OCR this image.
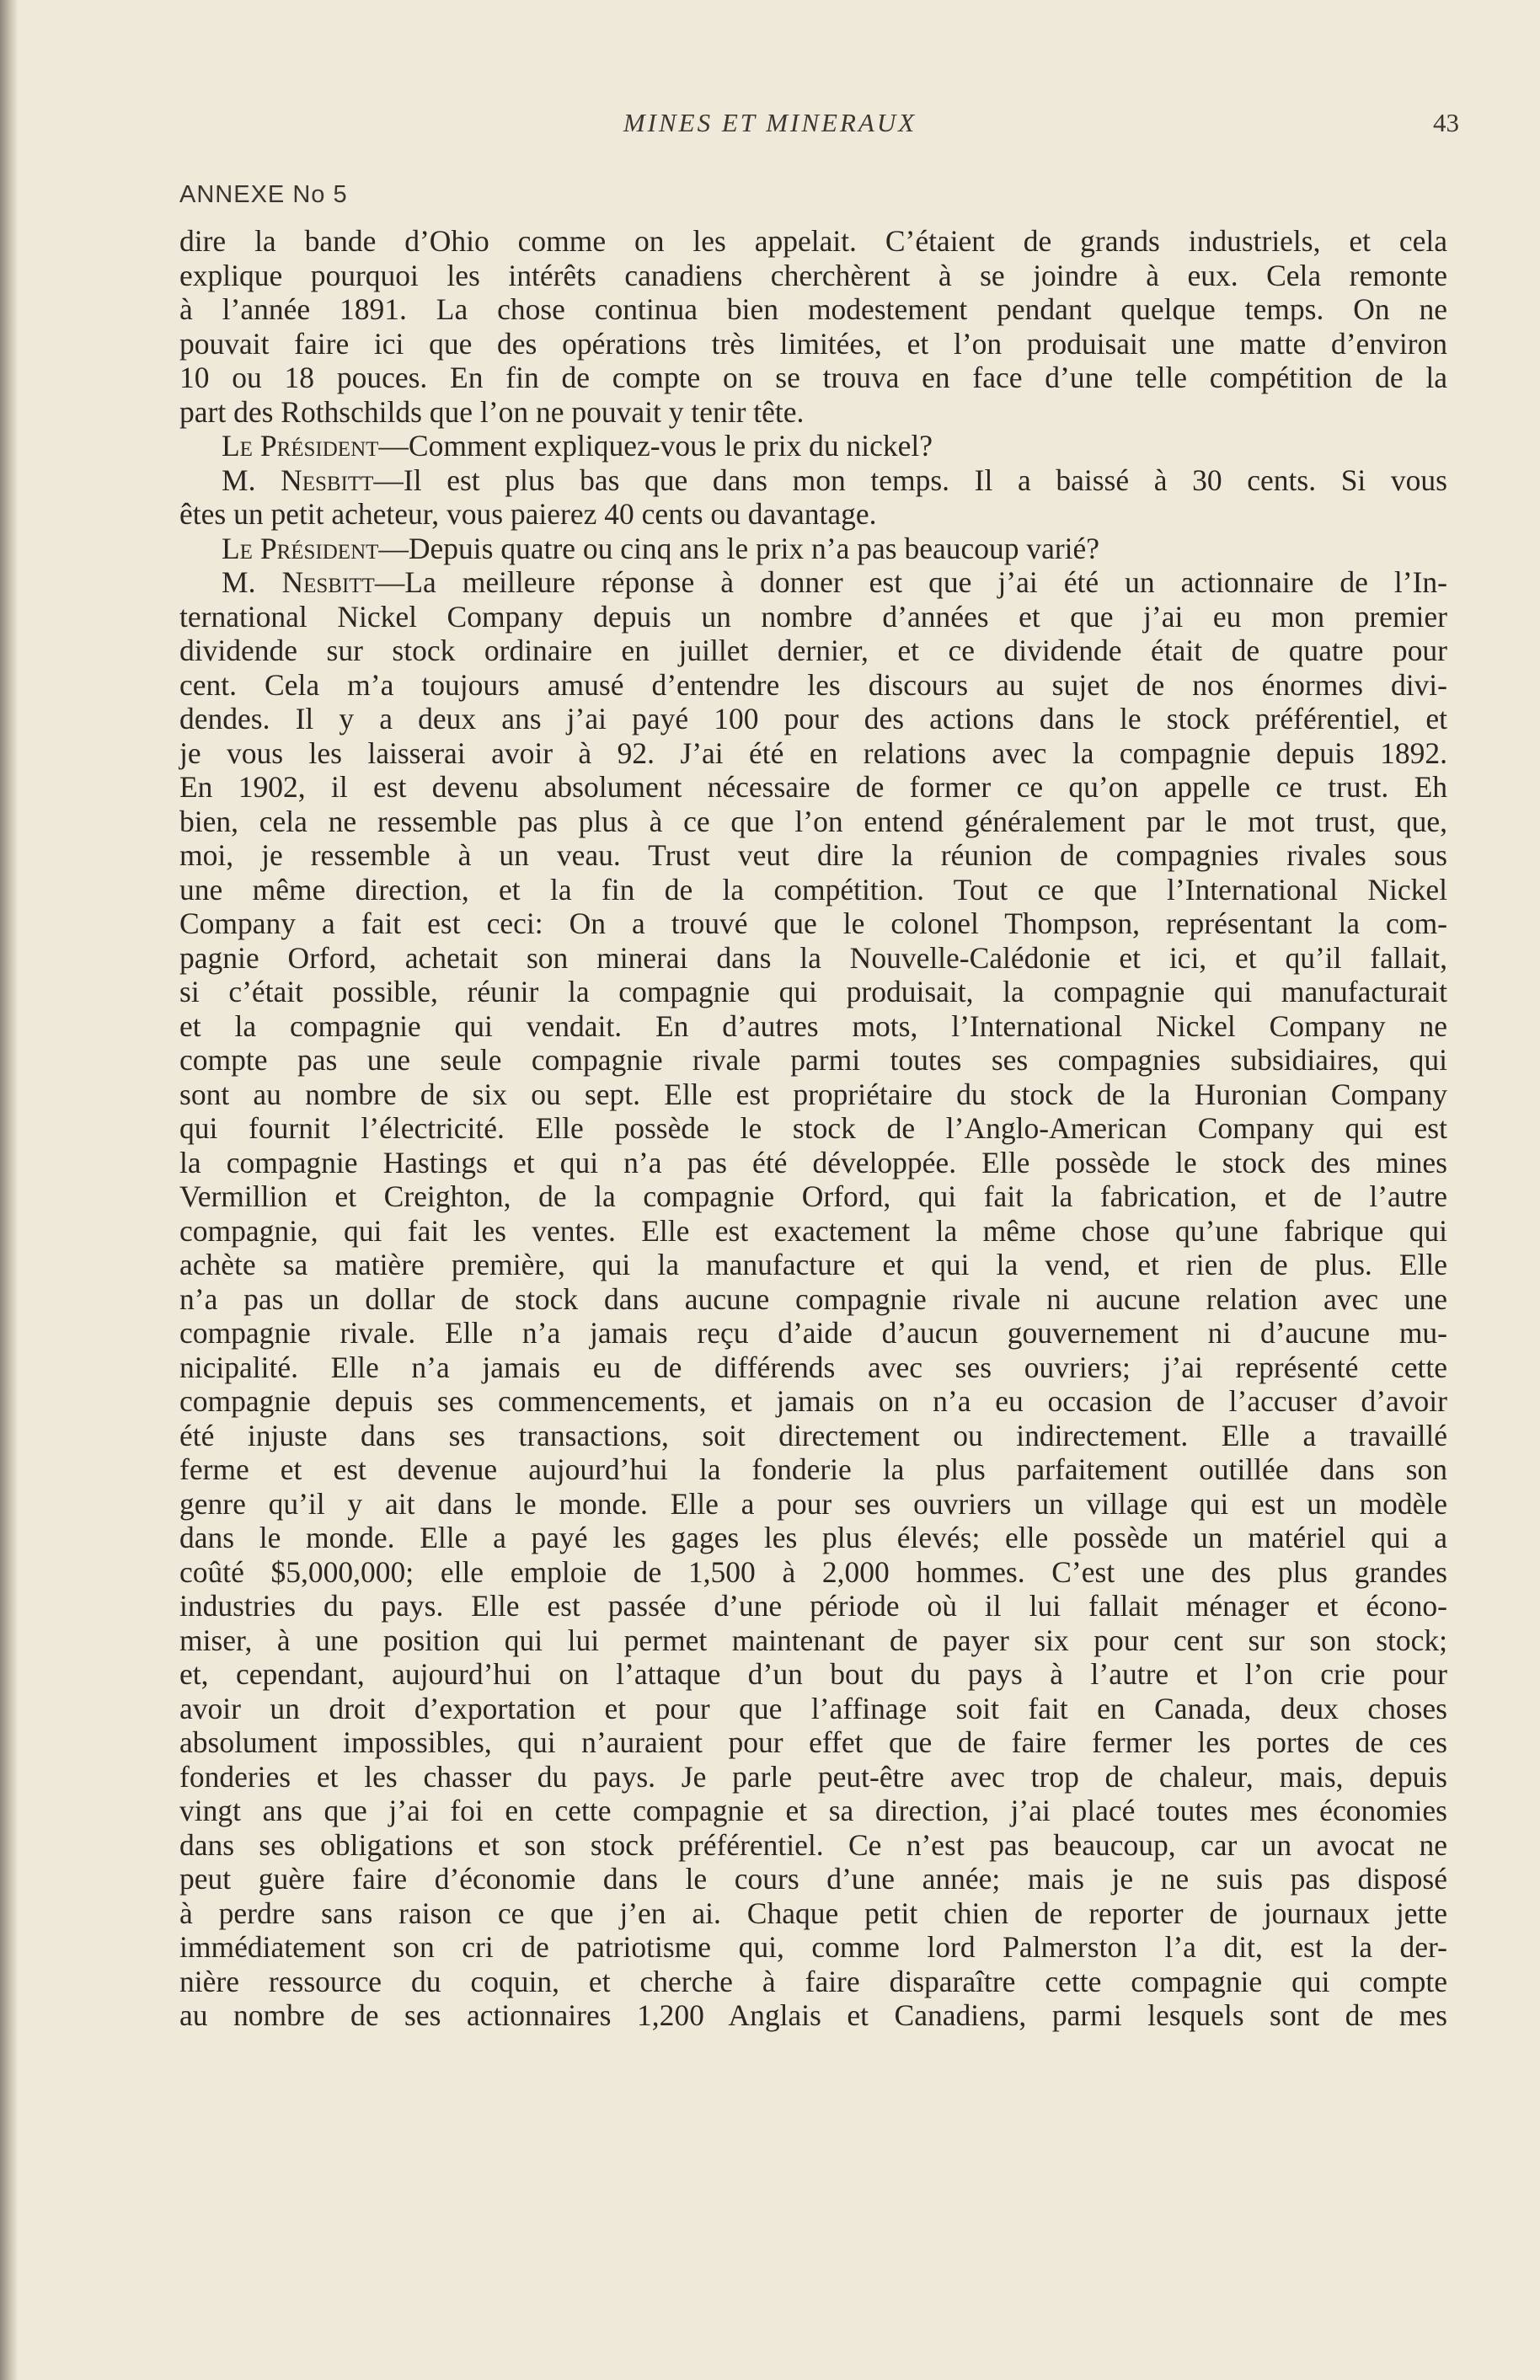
MINES ET MINERAUX	43
ANNEXE No 5
dire la bande d’Ohio comme on les appelait. C’étaient de grands industriels, et cela
explique pourquoi les intérêts canadiens cherchèrent à se joindre à eux. Cela remonte
à l’année 1891. La chose continua bien modestement pendant quelque temps. On ne
pouvait faire ici que des opérations très limitées, et l’on produisait une matte d’environ
10 ou 18 pouces. En fin de compte on se trouva en face d’une telle compétition de la
part des Rothschilds que l’on ne pouvait y tenir tête.
Le Président—Comment expliquez-vous le prix du nickel?
M. Nesbitt—Il est plus bas que dans mon temps. Il a baissé à 30 cents. Si vous
êtes un petit acheteur, vous paierez 40 cents ou davantage.
Le Président—Depuis quatre ou cinq ans le prix n’a pas beaucoup varié?
M. Nesbitt—La meilleure réponse à donner est que j’ai été un actionnaire de l’In-
ternational Nickel Company depuis un nombre d’années et que j’ai eu mon premier
dividende sur stock ordinaire en juillet dernier, et ce dividende était de quatre pour
cent. Cela m’a toujours amusé d’entendre les discours au sujet de nos énormes divi-
dendes. Il y a deux ans j’ai payé 100 pour des actions dans le stock préférentiel, et
je vous les laisserai avoir à 92. J’ai été en relations avec la compagnie depuis 1892.
En 1902, il est devenu absolument nécessaire de former ce qu’on appelle ce trust. Eh
bien, cela ne ressemble pas plus à ce que l’on entend généralement par le mot trust, que,
moi, je ressemble à un veau. Trust veut dire la réunion de compagnies rivales sous
une même direction, et la fin de la compétition. Tout ce que l’International Nickel
Company a fait est ceci: On a trouvé que le colonel Thompson, représentant la com-
pagnie Orford, achetait son minerai dans la Nouvelle-Calédonie et ici, et qu’il fallait,
si c’était possible, réunir la compagnie qui produisait, la compagnie qui manufacturait
et la compagnie qui vendait. En d’autres mots, l’International Nickel Company ne
compte pas une seule compagnie rivale parmi toutes ses compagnies subsidiaires, qui
sont au nombre de six ou sept. Elle est propriétaire du stock de la Huronian Company
qui fournit l’électricité. Elle possède le stock de l’Anglo-American Company qui est
la compagnie Hastings et qui n’a pas été développée. Elle possède le stock des mines
Vermillion et Creighton, de la compagnie Orford, qui fait la fabrication, et de l’autre
compagnie, qui fait les ventes. Elle est exactement la même chose qu’une fabrique qui
achète sa matière première, qui la manufacture et qui la vend, et rien de plus. Elle
n’a pas un dollar de stock dans aucune compagnie rivale ni aucune relation avec une
compagnie rivale. Elle n’a jamais reçu d’aide d’aucun gouvernement ni d’aucune mu-
nicipalité. Elle n’a jamais eu de différends avec ses ouvriers; j’ai représenté cette
compagnie depuis ses commencements, et jamais on n’a eu occasion de l’accuser d’avoir
été injuste dans ses transactions, soit directement ou indirectement. Elle a travaillé
ferme et est devenue aujourd’hui la fonderie la plus parfaitement outillée dans son
genre qu’il y ait dans le monde. Elle a pour ses ouvriers un village qui est un modèle
dans le monde. Elle a payé les gages les plus élevés; elle possède un matériel qui a
coûté $5,000,000; elle emploie de 1,500 à 2,000 hommes. C’est une des plus grandes
industries du pays. Elle est passée d’une période où il lui fallait ménager et écono-
miser, à une position qui lui permet maintenant de payer six pour cent sur son stock;
et, cependant, aujourd’hui on l’attaque d’un bout du pays à l’autre et l’on crie pour
avoir un droit d’exportation et pour que l’affinage soit fait en Canada, deux choses
absolument impossibles, qui n’auraient pour effet que de faire fermer les portes de ces
fonderies et les chasser du pays. Je parle peut-être avec trop de chaleur, mais, depuis
vingt ans que j’ai foi en cette compagnie et sa direction, j’ai placé toutes mes économies
dans ses obligations et son stock préférentiel. Ce n’est pas beaucoup, car un avocat ne
peut guère faire d’économie dans le cours d’une année; mais je ne suis pas disposé
à perdre sans raison ce que j’en ai. Chaque petit chien de reporter de journaux jette
immédiatement son cri de patriotisme qui, comme lord Palmerston l’a dit, est la der-
nière ressource du coquin, et cherche à faire disparaître cette compagnie qui compte
au nombre de ses actionnaires 1,200 Anglais et Canadiens, parmi lesquels sont de mes
